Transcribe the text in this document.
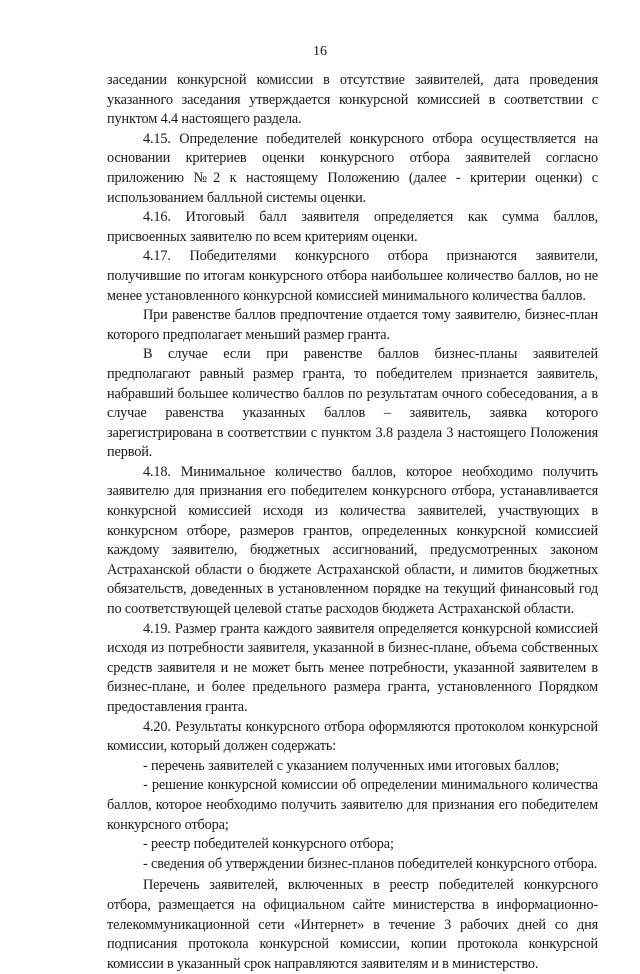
16

заседании конкурсной комиссии в отсутствие заявителей, дата проведения указанного заседания утверждается конкурсной комиссией в соответствии с пунктом 4.4 настоящего раздела.

4.15. Определение победителей конкурсного отбора осуществляется на основании критериев оценки конкурсного отбора заявителей согласно приложению №2 к настоящему Положению (далее - критерии оценки) с использованием балльной системы оценки.

4.16. Итоговый балл заявителя определяется как сумма баллов, присвоенных заявителю по всем критериям оценки.

4.17. Победителями конкурсного отбора признаются заявители, получившие по итогам конкурсного отбора наибольшее количество баллов, но не менее установленного конкурсной комиссией минимального количества баллов.

При равенстве баллов предпочтение отдается тому заявителю, бизнес-план которого предполагает меньший размер гранта.

В случае если при равенстве баллов бизнес-планы заявителей предполагают равный размер гранта, то победителем признается заявитель, набравший большее количество баллов по результатам очного собеседования, а в случае равенства указанных баллов – заявитель, заявка которого зарегистрирована в соответствии с пунктом 3.8 раздела 3 настоящего Положения первой.

4.18. Минимальное количество баллов, которое необходимо получить заявителю для признания его победителем конкурсного отбора, устанавливается конкурсной комиссией исходя из количества заявителей, участвующих в конкурсном отборе, размеров грантов, определенных конкурсной комиссией каждому заявителю, бюджетных ассигнований, предусмотренных законом Астраханской области о бюджете Астраханской области, и лимитов бюджетных обязательств, доведенных в установленном порядке на текущий финансовый год по соответствующей целевой статье расходов бюджета Астраханской области.

4.19. Размер гранта каждого заявителя определяется конкурсной комиссией исходя из потребности заявителя, указанной в бизнес-плане, объема собственных средств заявителя и не может быть менее потребности, указанной заявителем в бизнес-плане, и более предельного размера гранта, установленного Порядком предоставления гранта.

4.20. Результаты конкурсного отбора оформляются протоколом конкурсной комиссии, который должен содержать:

- перечень заявителей с указанием полученных ими итоговых баллов;

- решение конкурсной комиссии об определении минимального количества баллов, которое необходимо получить заявителю для признания его победителем конкурсного отбора;

- реестр победителей конкурсного отбора;

- сведения об утверждении бизнес-планов победителей конкурсного отбора.

Перечень заявителей, включенных в реестр победителей конкурсного отбора, размещается на официальном сайте министерства в информационно-телекоммуникационной сети «Интернет» в течение 3 рабочих дней со дня подписания протокола конкурсной комиссии, копии протокола конкурсной комиссии в указанный срок направляются заявителям и в министерство.
